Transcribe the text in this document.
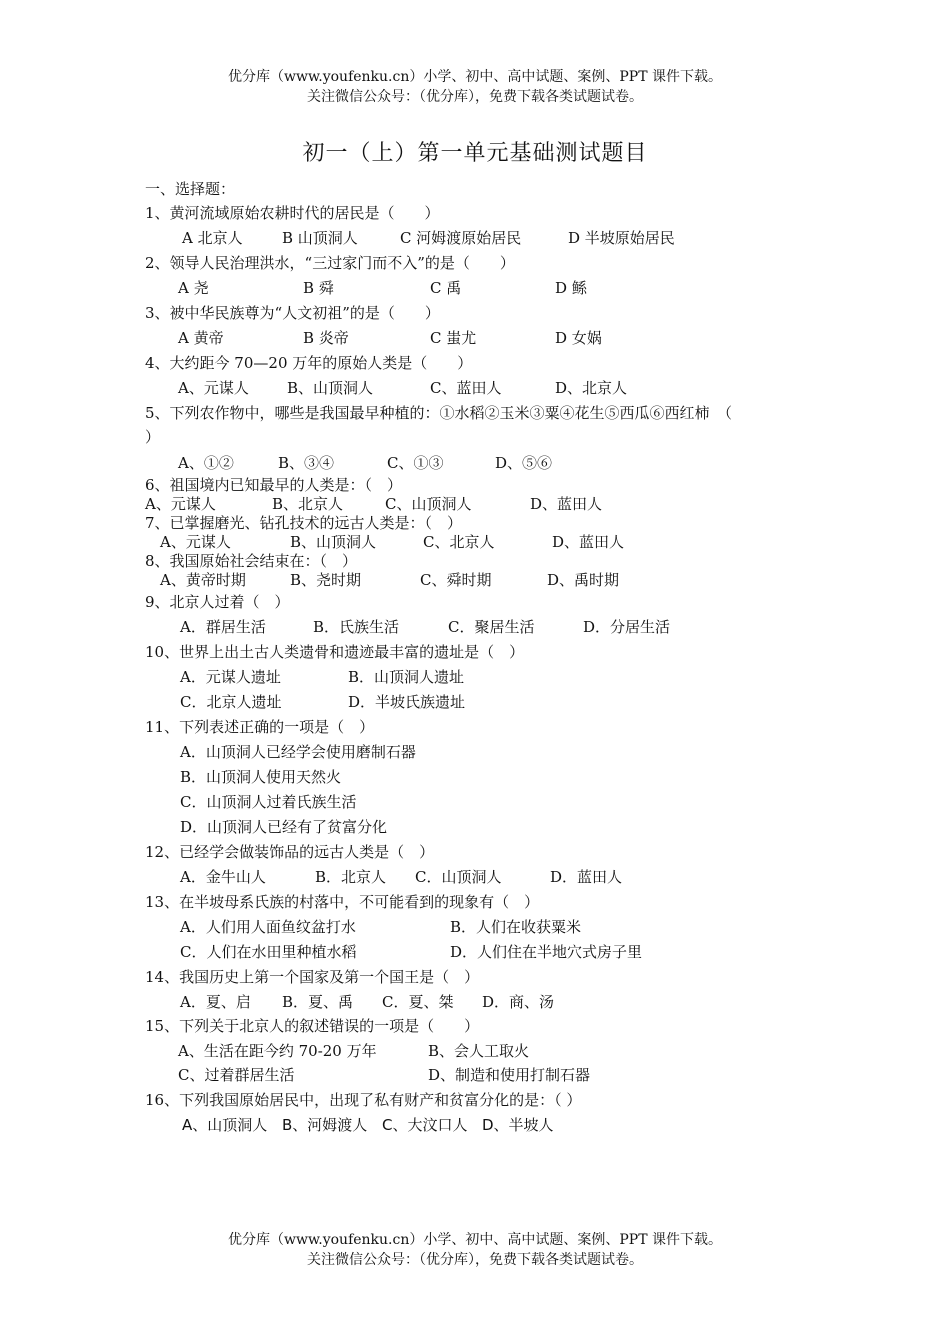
优分库（www.youfenku.cn）小学、初中、高中试题、案例、PPT 课件下载。
关注微信公众号：（优分库），免费下载各类试题试卷。
初一（上）第一单元基础测试题目
一、选择题：
1、黄河流域原始农耕时代的居民是（　　）
A 北京人	B 山顶洞人	C 河姆渡原始居民	D 半坡原始居民
2、领导人民治理洪水，“三过家门而不入”的是（　　）
A 尧	B 舜	C 禹	D 鲧
3、被中华民族尊为“人文初祖”的是（　　）
A 黄帝	B 炎帝	C 蚩尤	D 女娲
4、大约距今 70—20 万年的原始人类是（　　）
A、元谋人	B、山顶洞人	C、蓝田人	D、北京人
5、下列农作物中，哪些是我国最早种植的：①水稻②玉米③粟④花生⑤西瓜⑥西红柿　（
）
A、①②	B、③④	C、①③	D、⑤⑥
6、祖国境内已知最早的人类是：（　）
A、元谋人	B、北京人	C、山顶洞人	D、蓝田人
7、已掌握磨光、钻孔技术的远古人类是：（　）
A、元谋人	B、山顶洞人	C、北京人	D、蓝田人
8、我国原始社会结束在：（　）
A、黄帝时期	B、尧时期	C、舜时期	D、禹时期
9、北京人过着（　）
A．群居生活	B．氏族生活	C．聚居生活	D．分居生活
10、世界上出土古人类遗骨和遗迹最丰富的遗址是（　）
A．元谋人遗址	B．山顶洞人遗址
C．北京人遗址	D．半坡氏族遗址
11、下列表述正确的一项是（　）
A．山顶洞人已经学会使用磨制石器
B．山顶洞人使用天然火
C．山顶洞人过着氏族生活
D．山顶洞人已经有了贫富分化
12、已经学会做装饰品的远古人类是（　）
A．金牛山人	B．北京人 C．山顶洞人	D．蓝田人
13、在半坡母系氏族的村落中，不可能看到的现象有（　）
A．人们用人面鱼纹盆打水	B．人们在收获粟米
C．人们在水田里种植水稻	D．人们住在半地穴式房子里
14、我国历史上第一个国家及第一个国王是（　）
A．夏、启 B．夏、禹 C．夏、桀 D．商、汤
15、下列关于北京人的叙述错误的一项是（　　）
A、生活在距今约 70-20 万年	B、会人工取火
C、过着群居生活	D、制造和使用打制石器
16、下列我国原始居民中，出现了私有财产和贫富分化的是：（ ）
A、山顶洞人 B、河姆渡人 C、大汶口人 D、半坡人
优分库（www.youfenku.cn）小学、初中、高中试题、案例、PPT 课件下载。
关注微信公众号：（优分库），免费下载各类试题试卷。
